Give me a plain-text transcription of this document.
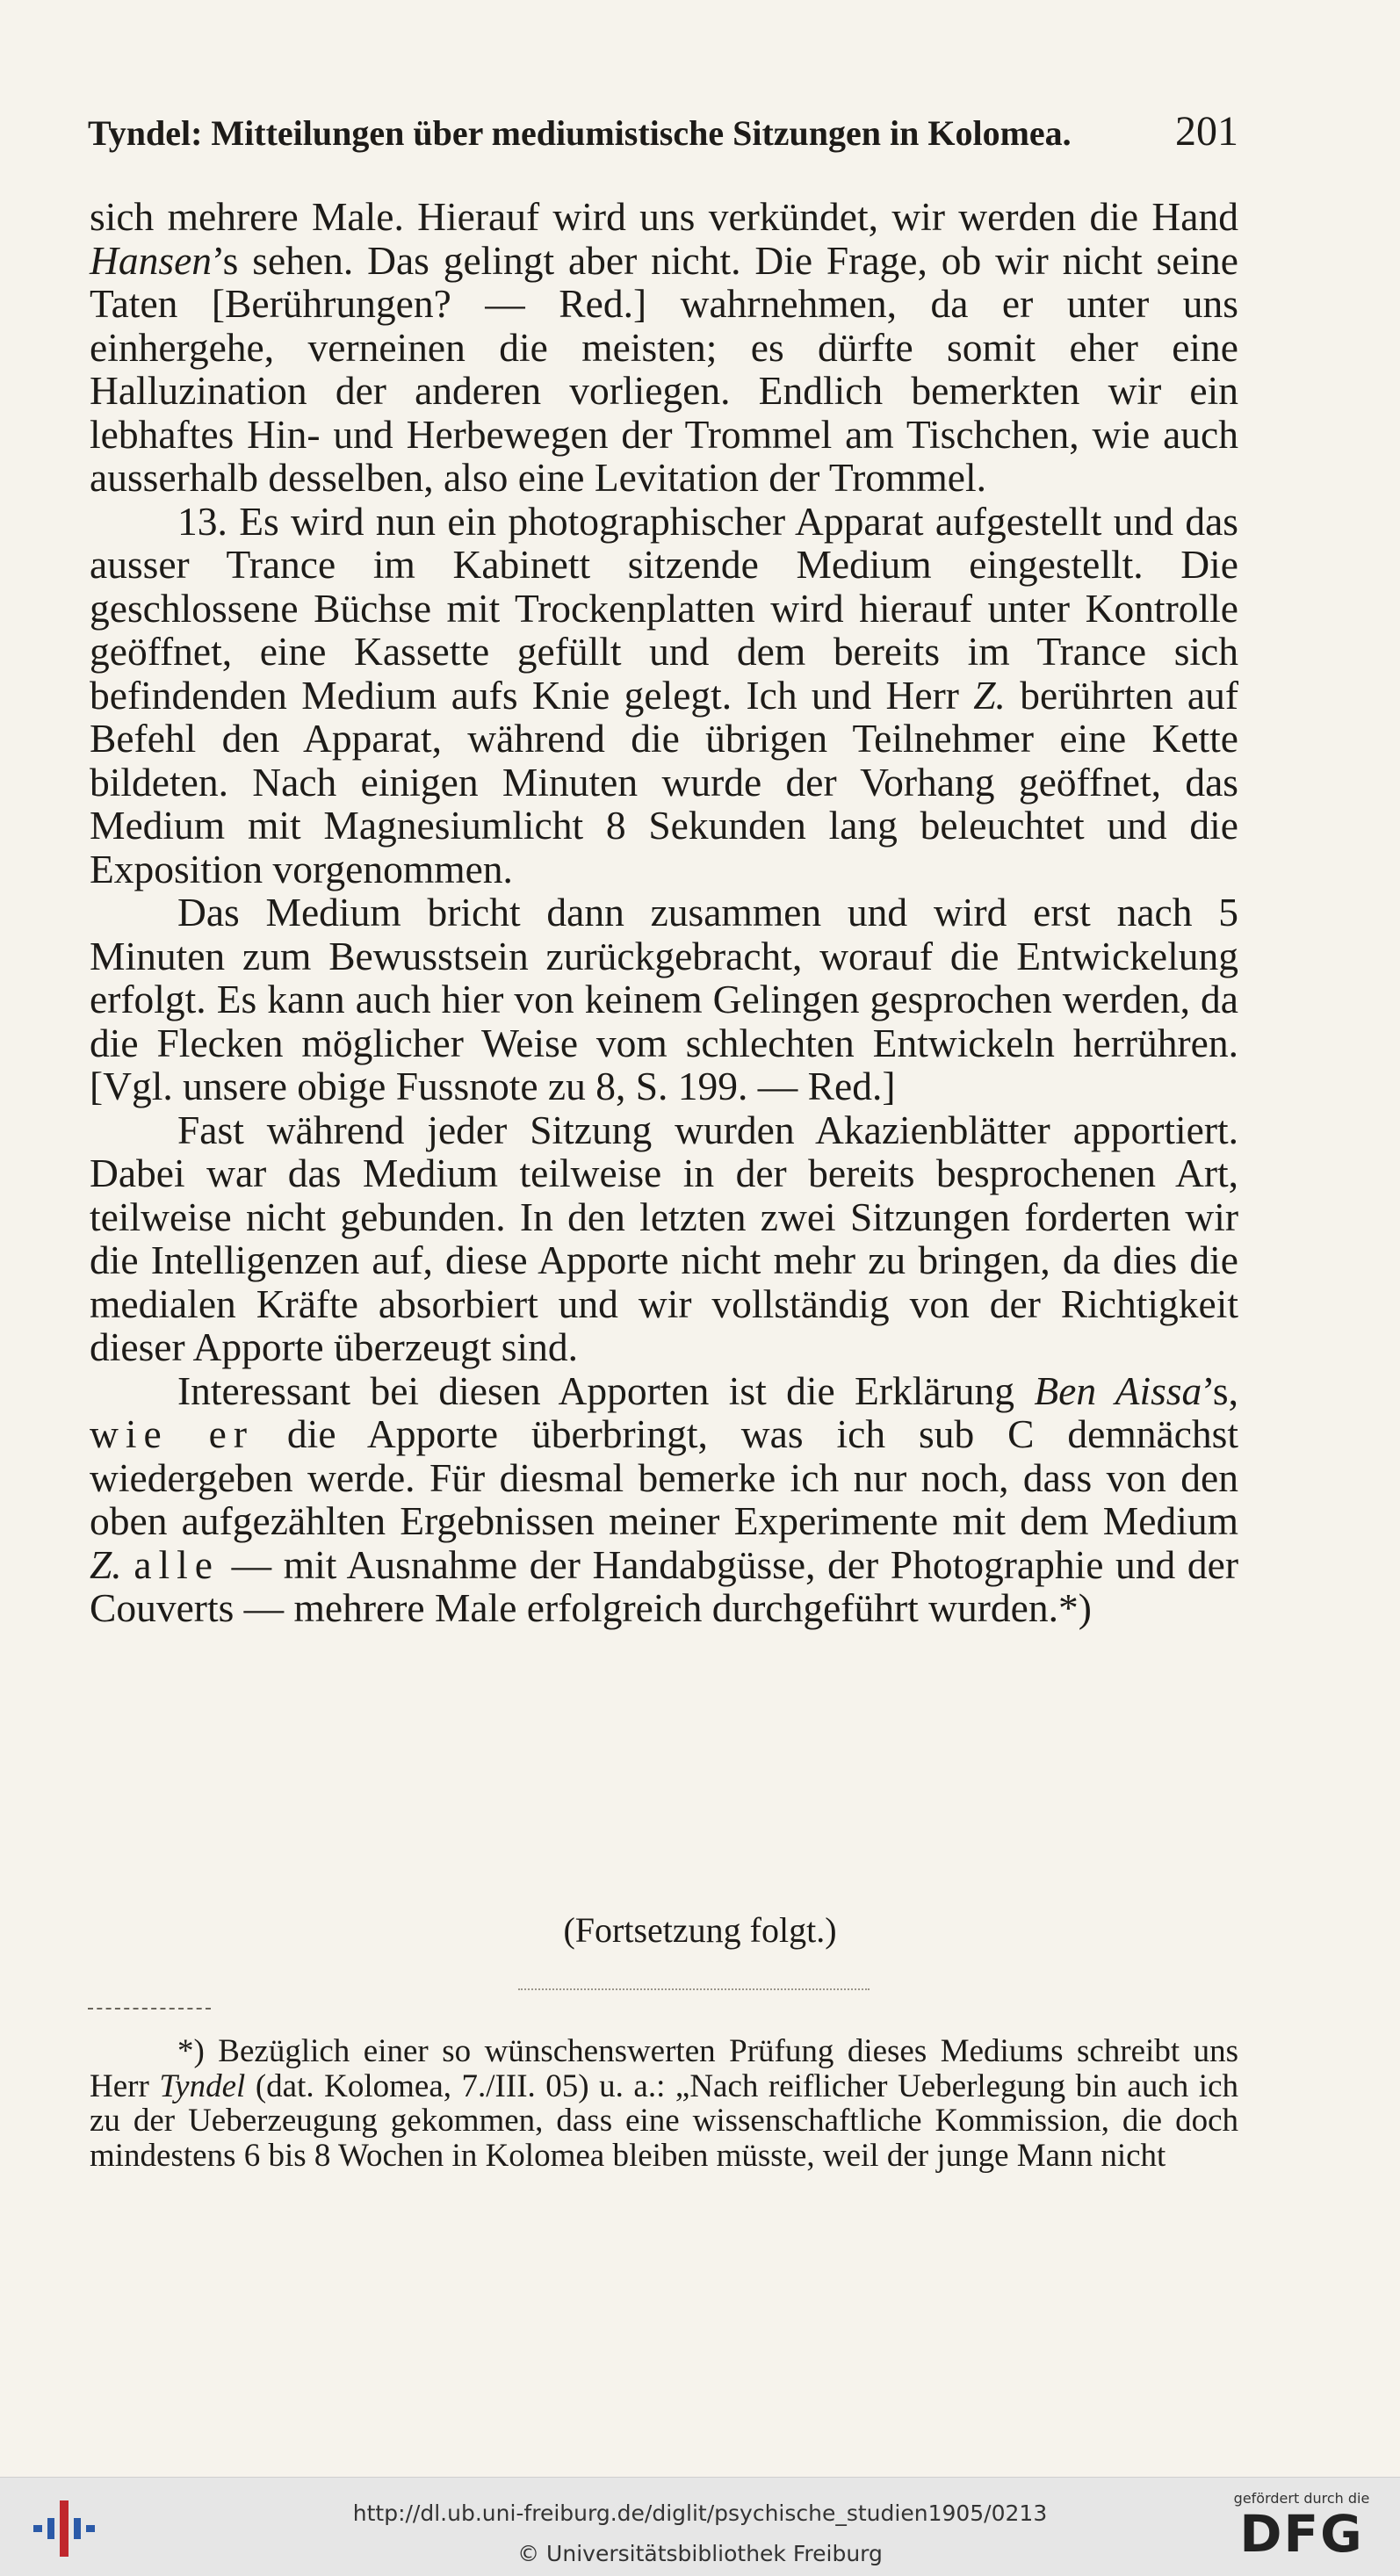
Tyndel: Mitteilungen über mediumistische Sitzungen in Kolomea. 201

sich mehrere Male. Hierauf wird uns verkündet, wir werden die Hand Hansen’s sehen. Das gelingt aber nicht. Die Frage, ob wir nicht seine Taten [Berührungen? — Red.] wahrnehmen, da er unter uns einhergehe, verneinen die meisten; es dürfte somit eher eine Halluzination der anderen vorliegen. Endlich bemerkten wir ein lebhaftes Hin- und Herbewegen der Trommel am Tischchen, wie auch ausserhalb desselben, also eine Levitation der Trommel.

13. Es wird nun ein photographischer Apparat aufgestellt und das ausser Trance im Kabinett sitzende Medium eingestellt. Die geschlossene Büchse mit Trockenplatten wird hierauf unter Kontrolle geöffnet, eine Kassette gefüllt und dem bereits im Trance sich befindenden Medium aufs Knie gelegt. Ich und Herr Z. berührten auf Befehl den Apparat, während die übrigen Teilnehmer eine Kette bildeten. Nach einigen Minuten wurde der Vorhang geöffnet, das Medium mit Magnesiumlicht 8 Sekunden lang beleuchtet und die Exposition vorgenommen.

Das Medium bricht dann zusammen und wird erst nach 5 Minuten zum Bewusstsein zurückgebracht, worauf die Entwickelung erfolgt. Es kann auch hier von keinem Gelingen gesprochen werden, da die Flecken möglicher Weise vom schlechten Entwickeln herrühren. [Vgl. unsere obige Fussnote zu 8, S. 199. — Red.]

Fast während jeder Sitzung wurden Akazienblätter apportiert. Dabei war das Medium teilweise in der bereits besprochenen Art, teilweise nicht gebunden. In den letzten zwei Sitzungen forderten wir die Intelligenzen auf, diese Apporte nicht mehr zu bringen, da dies die medialen Kräfte absorbiert und wir vollständig von der Richtigkeit dieser Apporte überzeugt sind.

Interessant bei diesen Apporten ist die Erklärung Ben Aissa’s, wie er die Apporte überbringt, was ich sub C demnächst wiedergeben werde. Für diesmal bemerke ich nur noch, dass von den oben aufgezählten Ergebnissen meiner Experimente mit dem Medium Z. alle — mit Ausnahme der Handabgüsse, der Photographie und der Couverts — mehrere Male erfolgreich durchgeführt wurden.*)

(Fortsetzung folgt.)

*) Bezüglich einer so wünschenswerten Prüfung dieses Mediums schreibt uns Herr Tyndel (dat. Kolomea, 7./III. 05) u. a.: „Nach reiflicher Ueberlegung bin auch ich zu der Ueberzeugung gekommen, dass eine wissenschaftliche Kommission, die doch mindestens 6 bis 8 Wochen in Kolomea bleiben müsste, weil der junge Mann nicht

http://dl.ub.uni-freiburg.de/diglit/psychische_studien1905/0213
© Universitätsbibliothek Freiburg
gefördert durch die
DFG
